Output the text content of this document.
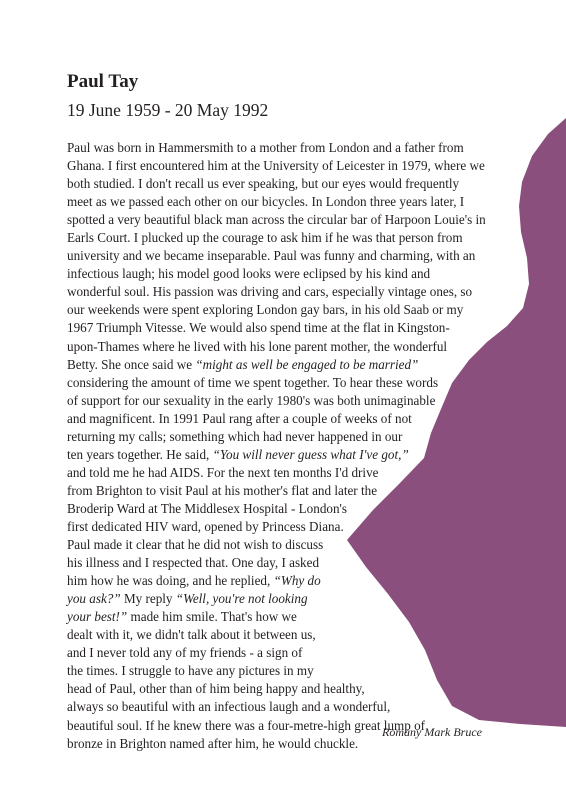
Paul Tay
19 June 1959 - 20 May 1992
Paul was born in Hammersmith to a mother from London and a father from
Ghana. I first encountered him at the University of Leicester in 1979, where we
both studied. I don't recall us ever speaking, but our eyes would frequently
meet as we passed each other on our bicycles. In London three years later, I
spotted a very beautiful black man across the circular bar of Harpoon Louie's in
Earls Court. I plucked up the courage to ask him if he was that person from
university and we became inseparable. Paul was funny and charming, with an
infectious laugh; his model good looks were eclipsed by his kind and
wonderful soul. His passion was driving and cars, especially vintage ones, so
our weekends were spent exploring London gay bars, in his old Saab or my
1967 Triumph Vitesse. We would also spend time at the flat in Kingston-
upon-Thames where he lived with his lone parent mother, the wonderful
Betty. She once said we “might as well be engaged to be married”
considering the amount of time we spent together. To hear these words
of support for our sexuality in the early 1980's was both unimaginable
and magnificent. In 1991 Paul rang after a couple of weeks of not
returning my calls; something which had never happened in our
ten years together. He said, “You will never guess what I've got,”
and told me he had AIDS. For the next ten months I'd drive
from Brighton to visit Paul at his mother's flat and later the
Broderip Ward at The Middlesex Hospital - London's
first dedicated HIV ward, opened by Princess Diana.
Paul made it clear that he did not wish to discuss
his illness and I respected that. One day, I asked
him how he was doing, and he replied, “Why do
you ask?” My reply “Well, you're not looking
your best!” made him smile. That's how we
dealt with it, we didn't talk about it between us,
and I never told any of my friends - a sign of
the times. I struggle to have any pictures in my
head of Paul, other than of him being happy and healthy,
always so beautiful with an infectious laugh and a wonderful,
beautiful soul. If he knew there was a four-metre-high great lump of
bronze in Brighton named after him, he would chuckle.
Romany Mark Bruce
